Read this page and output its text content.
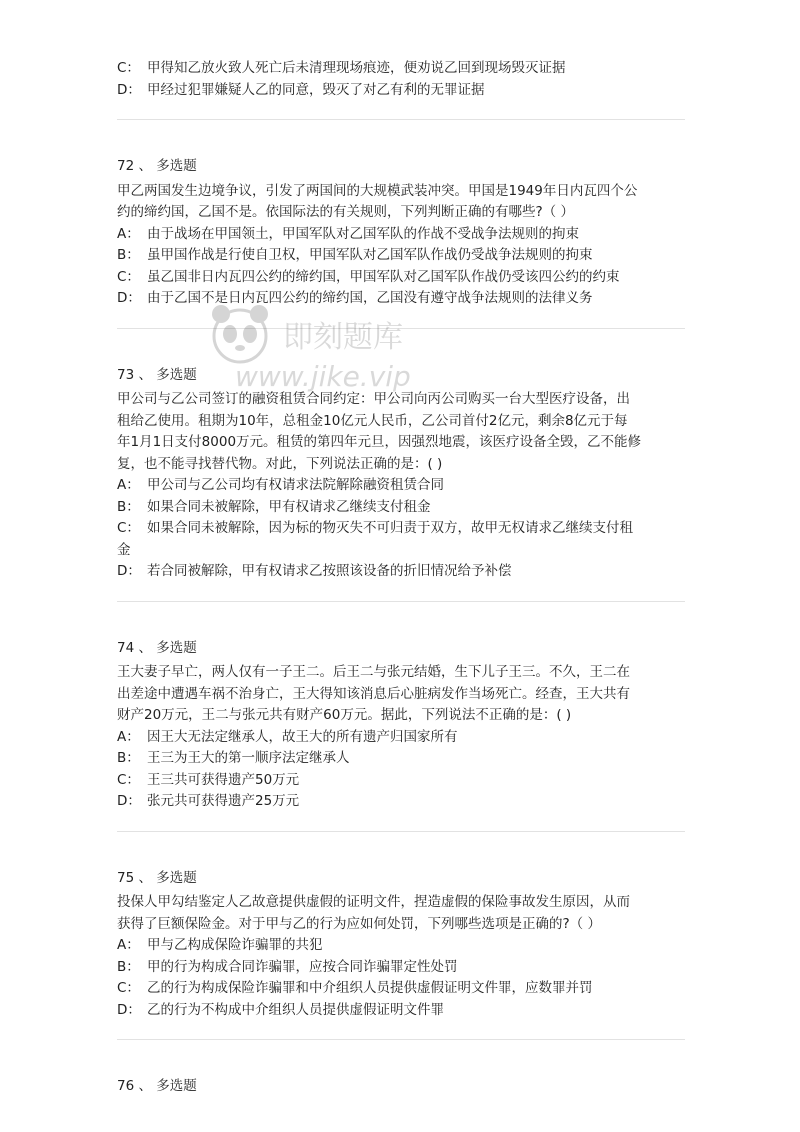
C： 甲得知乙放火致人死亡后未清理现场痕迹，便劝说乙回到现场毁灭证据
D： 甲经过犯罪嫌疑人乙的同意，毁灭了对乙有利的无罪证据
72 、 多选题
甲乙两国发生边境争议，引发了两国间的大规模武装冲突。甲国是1949年日内瓦四个公
约的缔约国，乙国不是。依国际法的有关规则，下列判断正确的有哪些?（ ）
A： 由于战场在甲国领土，甲国军队对乙国军队的作战不受战争法规则的拘束
B： 虽甲国作战是行使自卫权，甲国军队对乙国军队作战仍受战争法规则的拘束
C： 虽乙国非日内瓦四公约的缔约国，甲国军队对乙国军队作战仍受该四公约的约束
D： 由于乙国不是日内瓦四公约的缔约国，乙国没有遵守战争法规则的法律义务
73 、 多选题
甲公司与乙公司签订的融资租赁合同约定：甲公司向丙公司购买一台大型医疗设备，出
租给乙使用。租期为10年，总租金10亿元人民币，乙公司首付2亿元，剩余8亿元于每
年1月1日支付8000万元。租赁的第四年元旦，因强烈地震，该医疗设备全毁，乙不能修
复，也不能寻找替代物。对此，下列说法正确的是：( )
A： 甲公司与乙公司均有权请求法院解除融资租赁合同
B： 如果合同未被解除，甲有权请求乙继续支付租金
C： 如果合同未被解除，因为标的物灭失不可归责于双方，故甲无权请求乙继续支付租
金
D： 若合同被解除，甲有权请求乙按照该设备的折旧情况给予补偿
74 、 多选题
王大妻子早亡，两人仅有一子王二。后王二与张元结婚，生下儿子王三。不久，王二在
出差途中遭遇车祸不治身亡，王大得知该消息后心脏病发作当场死亡。经查，王大共有
财产20万元，王二与张元共有财产60万元。据此，下列说法不正确的是：( )
A： 因王大无法定继承人，故王大的所有遗产归国家所有
B： 王三为王大的第一顺序法定继承人
C： 王三共可获得遗产50万元
D： 张元共可获得遗产25万元
75 、 多选题
投保人甲勾结鉴定人乙故意提供虚假的证明文件，捏造虚假的保险事故发生原因，从而
获得了巨额保险金。对于甲与乙的行为应如何处罚，下列哪些选项是正确的?（ ）
A： 甲与乙构成保险诈骗罪的共犯
B： 甲的行为构成合同诈骗罪，应按合同诈骗罪定性处罚
C： 乙的行为构成保险诈骗罪和中介组织人员提供虚假证明文件罪，应数罪并罚
D： 乙的行为不构成中介组织人员提供虚假证明文件罪
76 、 多选题
即刻题库
www.jike.vip
